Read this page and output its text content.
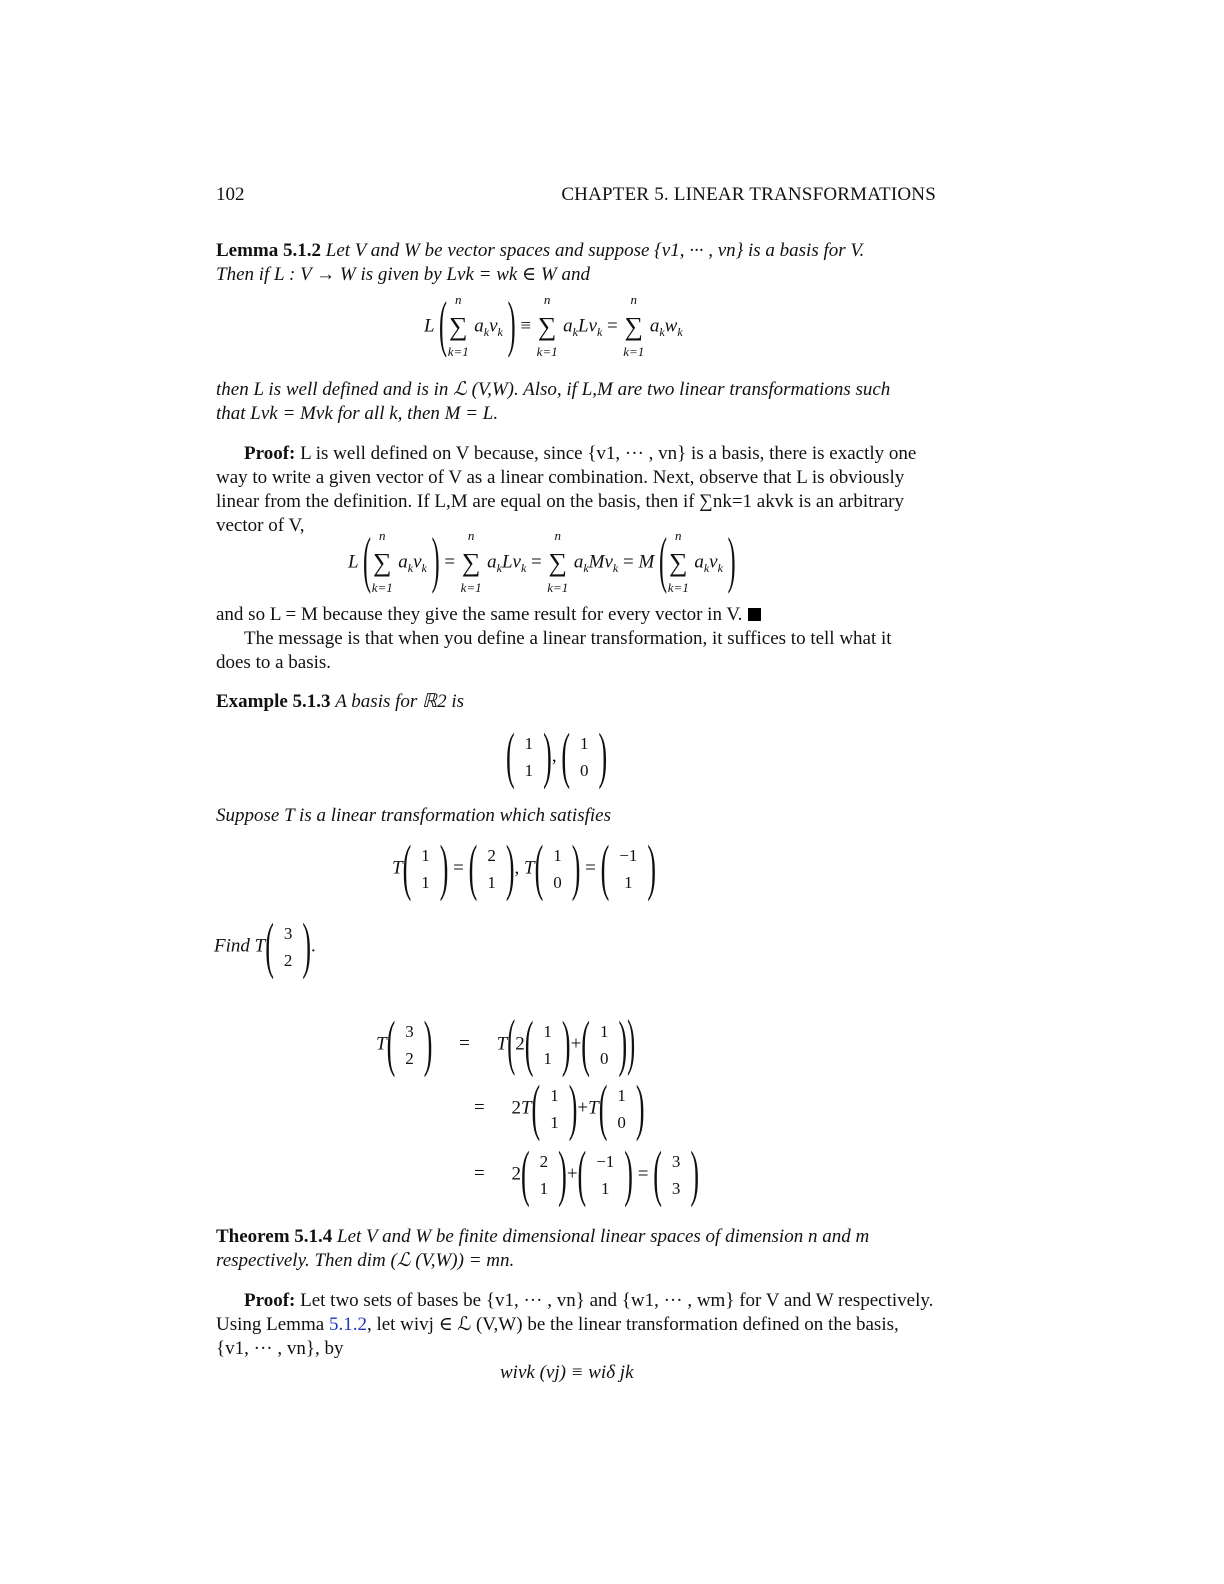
102	CHAPTER 5. LINEAR TRANSFORMATIONS
Lemma 5.1.2 Let V and W be vector spaces and suppose {v1, ··· , vn} is a basis for V.
Then if L : V → W is given by Lvk = wk ∈ W and
L ( n
∑
k=1
$a_kv_k$ ) ≡
n
∑
k=1
$a_kLv_k$ =
n
∑
k=1
$a_kw_k$
then L is well defined and is in ℒ (V,W). Also, if L,M are two linear transformations such
that Lvk = Mvk for all k, then M = L.
Proof: L is well defined on V because, since {v1, ··· , vn} is a basis, there is exactly one
way to write a given vector of V as a linear combination. Next, observe that L is obviously
linear from the definition. If L,M are equal on the basis, then if ∑nk=1 akvk is an arbitrary
vector of V,
L ( n
∑
k=1
$a_kv_k$ ) =
n
∑
k=1
$a_kLv_k$ =
n
∑
k=1
$a_kMv_k = M$ ( n
∑
k=1
$a_kv_k$ )
and so L = M because they give the same result for every vector in V.
The message is that when you define a linear transformation, it suffices to tell what it
does to a basis.
Example 5.1.3 A basis for ℝ2 is
( 1
1 ) , ( 1
0 )
Suppose T is a linear transformation which satisfies
T ( 1
1 ) = ( 2
1 ) , T ( 1
0 ) = ( −1
1 )
Find T ( 3
2 ) .
T ( 3
2 ) = T(2 ( 1
1 ) + ( 1
0 ) )
= 2T ( 1
1 ) +T ( 1
0 )
= 2 ( 2
1 ) + ( −1
1 ) = ( 3
3 )
Theorem 5.1.4 Let V and W be finite dimensional linear spaces of dimension n and m
respectively. Then dim (ℒ (V,W)) = mn.
Proof: Let two sets of bases be {v1, ··· , vn} and {w1, ··· , wm} for V and W respectively.
Using Lemma 5.1.2, let wivj ∈ ℒ (V,W) be the linear transformation defined on the basis,
{v1, ··· , vn}, by
wivk (vj) ≡ wiδ jk
